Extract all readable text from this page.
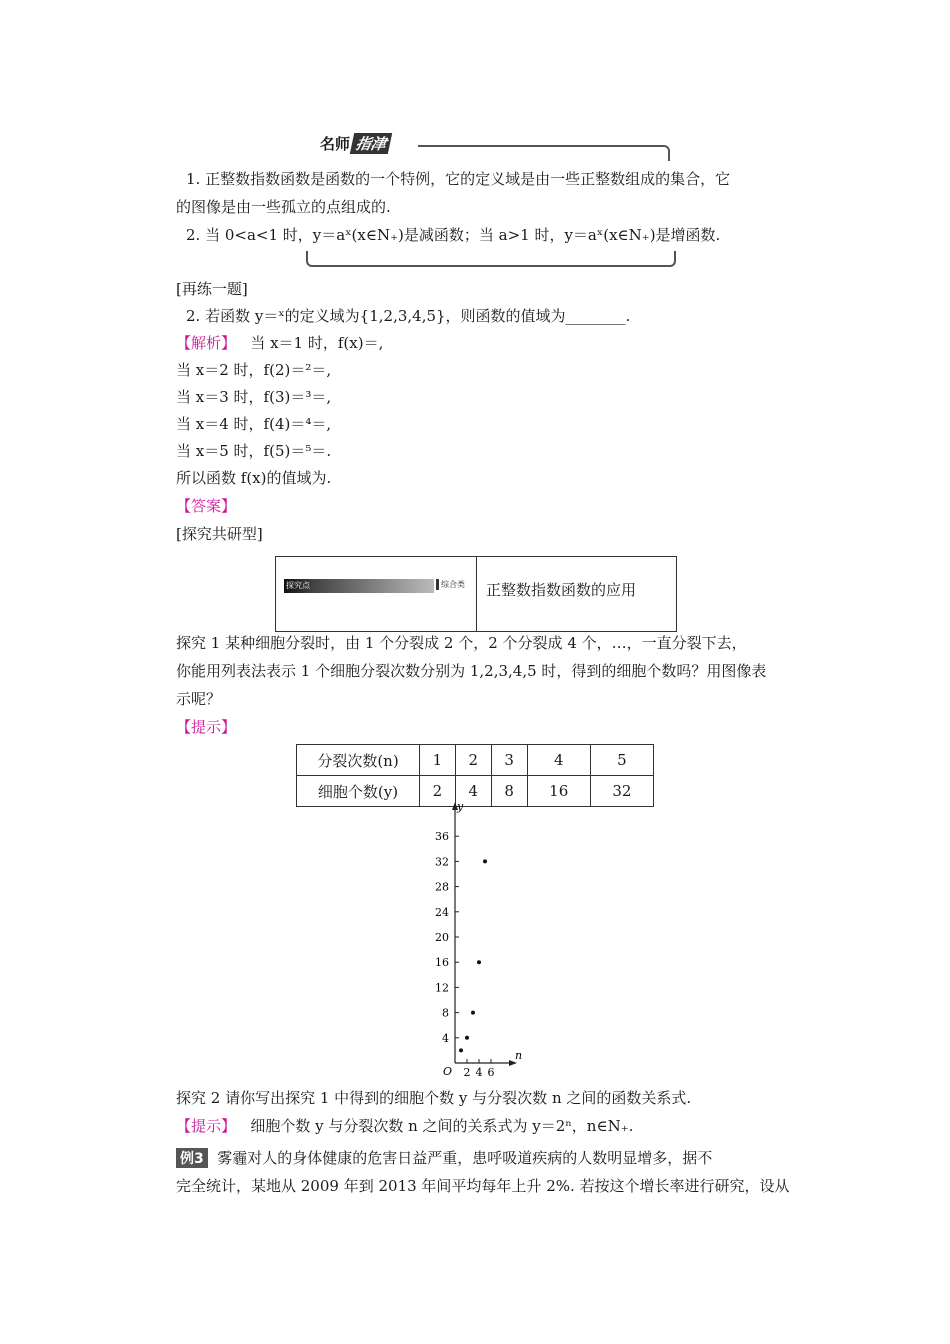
名师 指津
1. 正整数指数函数是函数的一个特例，它的定义域是由一些正整数组成的集合，它
的图像是由一些孤立的点组成的.
2. 当 0<a<1 时，y＝aˣ(x∈N₊)是减函数；当 a>1 时，y＝aˣ(x∈N₊)是增函数.
[再练一题]
2. 若函数 y＝ˣ的定义域为{1,2,3,4,5}，则函数的值域为________.
【解析】 当 x＝1 时，f(x)＝,
当 x＝2 时，f(2)＝²＝,
当 x＝3 时，f(3)＝³＝,
当 x＝4 时，f(4)＝⁴＝,
当 x＝5 时，f(5)＝⁵＝.
所以函数 f(x)的值域为.
【答案】
[探究共研型]
探究点	综合类 正整数指数函数的应用
探究 1 某种细胞分裂时，由 1 个分裂成 2 个，2 个分裂成 4 个，…，一直分裂下去，
你能用列表法表示 1 个细胞分裂次数分别为 1,2,3,4,5 时，得到的细胞个数吗？用图像表
示呢？
【提示】
分裂次数(n)	1	2	3	4	5
细胞个数(y)	2	4	8	16	32
n
y
O
4
8
12
16
20
24
28
32
36
2 4 6
探究 2 请你写出探究 1 中得到的细胞个数 y 与分裂次数 n 之间的函数关系式.
【提示】 细胞个数 y 与分裂次数 n 之间的关系式为 y＝2ⁿ，n∈N₊.
例3 雾霾对人的身体健康的危害日益严重，患呼吸道疾病的人数明显增多，据不
完全统计，某地从 2009 年到 2013 年间平均每年上升 2%. 若按这个增长率进行研究，设从
